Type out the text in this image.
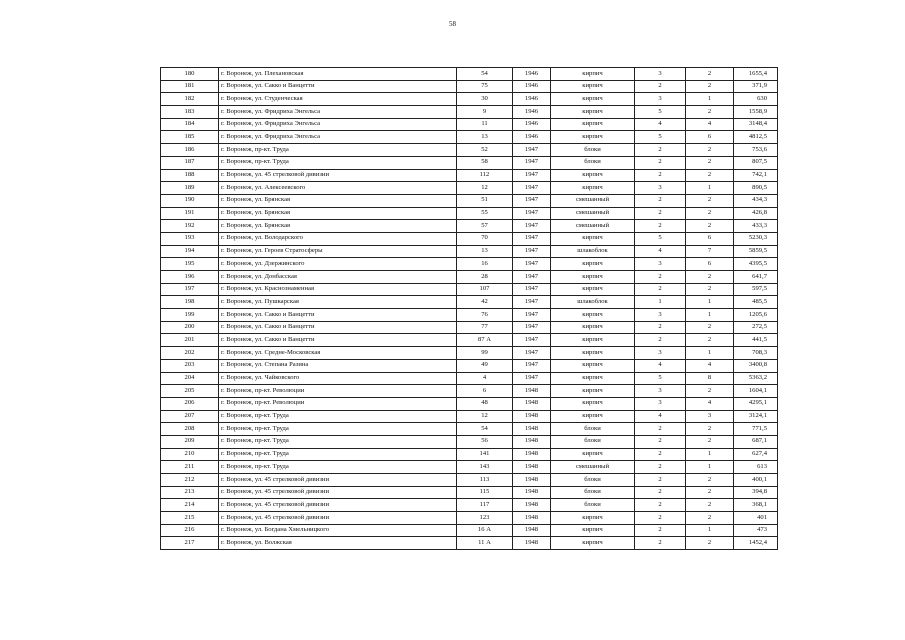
58
180	г. Воронеж, ул. Плехановская	54	1946	кирпич	3	2	1655,4
181	г. Воронеж, ул. Сакко и Ванцетти	75	1946	кирпич	2	2	371,9
182	г. Воронеж, ул. Студенческая	30	1946	кирпич	3	1	630
183	г. Воронеж, ул. Фридриха Энгельса	9	1946	кирпич	5	2	1558,9
184	г. Воронеж, ул. Фридриха Энгельса	11	1946	кирпич	4	4	3148,4
185	г. Воронеж, ул. Фридриха Энгельса	13	1946	кирпич	5	6	4812,5
186	г. Воронеж, пр-кт. Труда	52	1947	блоки	2	2	753,6
187	г. Воронеж, пр-кт. Труда	58	1947	блоки	2	2	807,5
188	г. Воронеж, ул. 45 стрелковой дивизии	112	1947	кирпич	2	2	742,1
189	г. Воронеж, ул. Алексеевского	12	1947	кирпич	3	1	890,5
190	г. Воронеж, ул. Брянская	51	1947	смешанный	2	2	434,3
191	г. Воронеж, ул. Брянская	55	1947	смешанный	2	2	426,8
192	г. Воронеж, ул. Брянская	57	1947	смешанный	2	2	433,3
193	г. Воронеж, ул. Володарского	70	1947	кирпич	5	6	5230,3
194	г. Воронеж, ул. Героев Стратосферы	13	1947	шлакоблок	4	7	5859,5
195	г. Воронеж, ул. Дзержинского	16	1947	кирпич	3	6	4395,5
196	г. Воронеж, ул. Донбасская	28	1947	кирпич	2	2	641,7
197	г. Воронеж, ул. Краснознаменная	107	1947	кирпич	2	2	597,5
198	г. Воронеж, ул. Пушкарская	42	1947	шлакоблок	1	1	485,5
199	г. Воронеж, ул. Сакко и Ванцетти	76	1947	кирпич	3	1	1205,6
200	г. Воронеж, ул. Сакко и Ванцетти	77	1947	кирпич	2	2	272,5
201	г. Воронеж, ул. Сакко и Ванцетти	87 А	1947	кирпич	2	2	441,5
202	г. Воронеж, ул. Средне-Московская	99	1947	кирпич	3	1	708,3
203	г. Воронеж, ул. Степана Разина	49	1947	кирпич	4	4	3400,8
204	г. Воронеж, ул. Чайковского	4	1947	кирпич	5	8	5363,2
205	г. Воронеж, пр-кт. Революции	6	1948	кирпич	3	2	1604,1
206	г. Воронеж, пр-кт. Революции	48	1948	кирпич	3	4	4295,1
207	г. Воронеж, пр-кт. Труда	12	1948	кирпич	4	3	3124,1
208	г. Воронеж, пр-кт. Труда	54	1948	блоки	2	2	771,5
209	г. Воронеж, пр-кт. Труда	56	1948	блоки	2	2	687,1
210	г. Воронеж, пр-кт. Труда	141	1948	кирпич	2	1	627,4
211	г. Воронеж, пр-кт. Труда	143	1948	смешанный	2	1	613
212	г. Воронеж, ул. 45 стрелковой дивизии	113	1948	блоки	2	2	400,1
213	г. Воронеж, ул. 45 стрелковой дивизии	115	1948	блоки	2	2	394,8
214	г. Воронеж, ул. 45 стрелковой дивизии	117	1948	блоки	2	2	368,1
215	г. Воронеж, ул. 45 стрелковой дивизии	123	1948	кирпич	2	2	401
216	г. Воронеж, ул. Богдана Хмельницкого	16 А	1948	кирпич	2	1	473
217	г. Воронеж, ул. Волжская	11 А	1948	кирпич	2	2	1452,4
